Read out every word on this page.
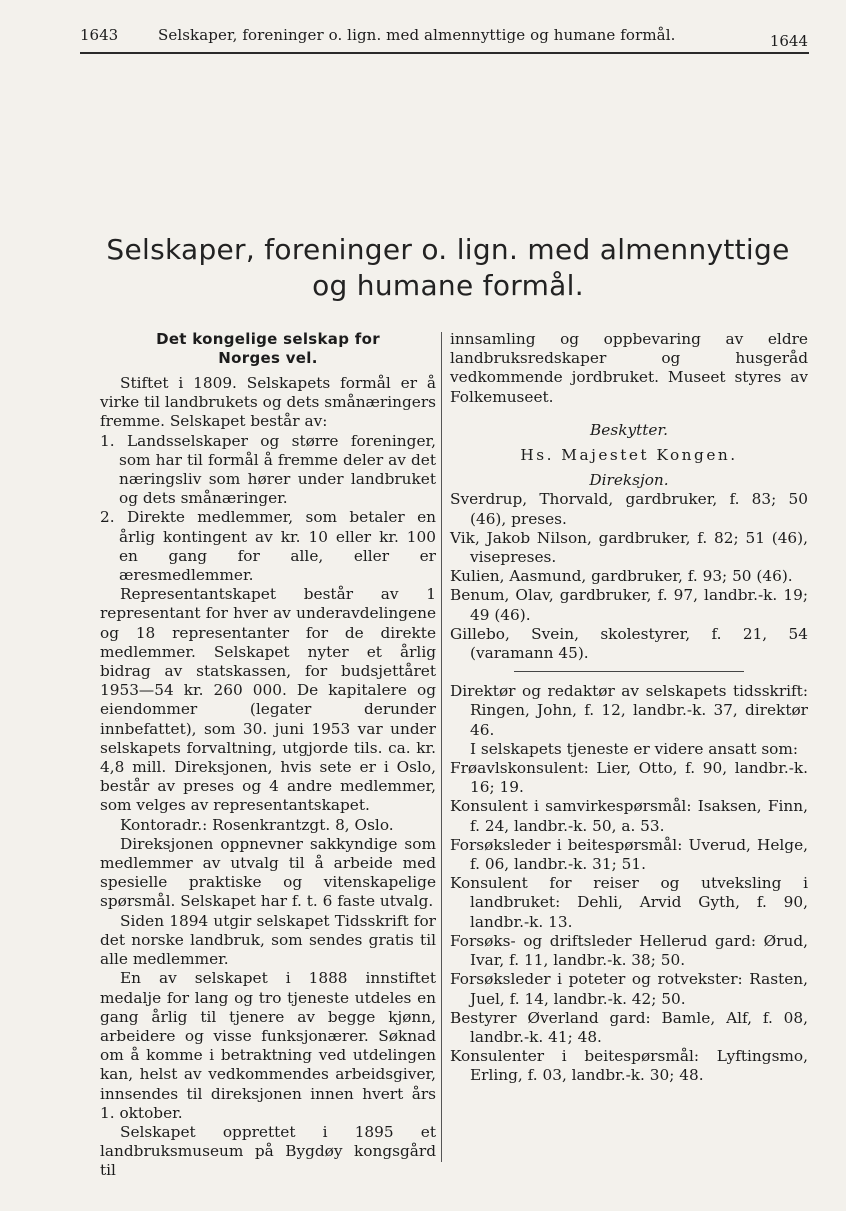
1643	Selskaper, foreninger o. lign. med almennyttige og humane formål.	1644
Selskaper, foreninger o. lign. med almennyttige
og humane formål.
Det kongelige selskap for
Norges vel.

Stiftet i 1809. Selskapets formål er å virke til landbrukets og dets smånæringers fremme. Selskapet består av:

1. Landsselskaper og større foreninger, som har til formål å fremme deler av det næringsliv som hører under landbruket og dets smånæringer.

2. Direkte medlemmer, som betaler en årlig kontingent av kr. 10 eller kr. 100 en gang for alle, eller er æresmedlemmer.

Representantskapet består av 1 representant for hver av underavdelingene og 18 representanter for de direkte medlemmer. Selskapet nyter et årlig bidrag av statskassen, for budsjettåret 1953—54 kr. 260 000. De kapitalere og eiendommer (legater derunder innbefattet), som 30. juni 1953 var under selskapets forvaltning, utgjorde tils. ca. kr. 4,8 mill. Direksjonen, hvis sete er i Oslo, består av preses og 4 andre medlemmer, som velges av representantskapet.

Kontoradr.: Rosenkrantzgt. 8, Oslo.

Direksjonen oppnevner sakkyndige som medlemmer av utvalg til å arbeide med spesielle praktiske og vitenskapelige spørsmål. Selskapet har f. t. 6 faste utvalg.

Siden 1894 utgir selskapet Tidsskrift for det norske landbruk, som sendes gratis til alle medlemmer.

En av selskapet i 1888 innstiftet medalje for lang og tro tjeneste utdeles en gang årlig til tjenere av begge kjønn, arbeidere og visse funksjonærer. Søknad om å komme i betraktning ved utdelingen kan, helst av vedkommendes arbeidsgiver, innsendes til direksjonen innen hvert års 1. oktober.

Selskapet opprettet i 1895 et landbruksmuseum på Bygdøy kongsgård til

innsamling og oppbevaring av eldre landbruksredskaper og husgeråd vedkommende jordbruket. Museet styres av Folkemuseet.

Beskytter.

Hs. Majestet Kongen.

Direksjon.

Sverdrup, Thorvald, gardbruker, f. 83; 50 (46), preses.

Vik, Jakob Nilson, gardbruker, f. 82; 51 (46), visepreses.

Kulien, Aasmund, gardbruker, f. 93; 50 (46).

Benum, Olav, gardbruker, f. 97, landbr.-k. 19; 49 (46).

Gillebo, Svein, skolestyrer, f. 21, 54 (varamann 45).

Direktør og redaktør av selskapets tidsskrift: Ringen, John, f. 12, landbr.-k. 37, direktør 46.

I selskapets tjeneste er videre ansatt som:

Frøavlskonsulent: Lier, Otto, f. 90, landbr.-k. 16; 19.

Konsulent i samvirkespørsmål: Isaksen, Finn, f. 24, landbr.-k. 50, a. 53.

Forsøksleder i beitespørsmål: Uverud, Helge, f. 06, landbr.-k. 31; 51.

Konsulent for reiser og utveksling i landbruket: Dehli, Arvid Gyth, f. 90, landbr.-k. 13.

Forsøks- og driftsleder Hellerud gard: Ørud, Ivar, f. 11, landbr.-k. 38; 50.

Forsøksleder i poteter og rotvekster: Rasten, Juel, f. 14, landbr.-k. 42; 50.

Bestyrer Øverland gard: Bamle, Alf, f. 08, landbr.-k. 41; 48.

Konsulenter i beitespørsmål: Lyftingsmo, Erling, f. 03, landbr.-k. 30; 48.
